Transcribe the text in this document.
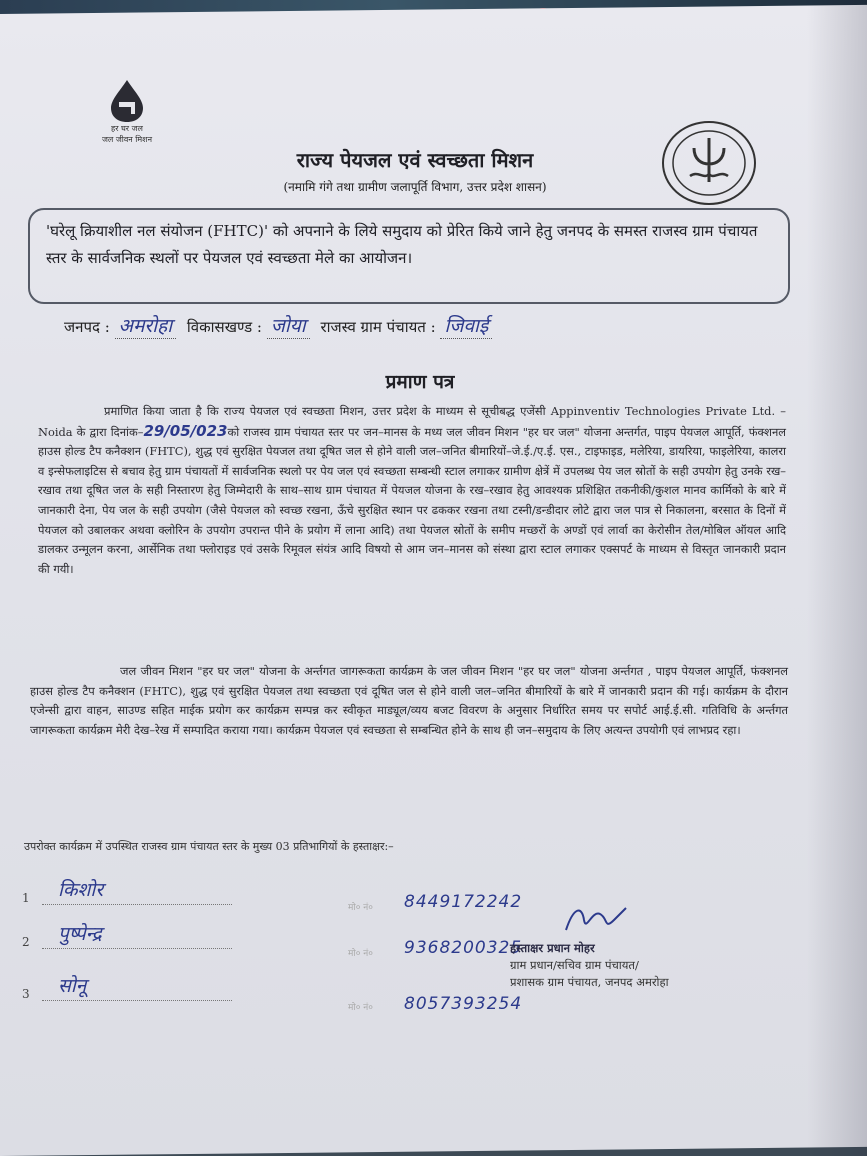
हर घर जल
जल जीवन मिशन
राज्य पेयजल एवं स्वच्छता मिशन
(नमामि गंगे तथा ग्रामीण जलापूर्ति विभाग, उत्तर प्रदेश शासन)
'घरेलू क्रियाशील नल संयोजन (FHTC)' को अपनाने के लिये समुदाय को प्रेरित किये जाने हेतु जनपद के समस्त राजस्व ग्राम पंचायत स्तर के सार्वजनिक स्थलों पर पेयजल एवं स्वच्छता मेले का आयोजन।
जनपद : अमरोहा विकासखण्ड : जोया राजस्व ग्राम पंचायत : जिवाई
प्रमाण पत्र
प्रमाणित किया जाता है कि राज्य पेयजल एवं स्वच्छता मिशन, उत्तर प्रदेश के माध्यम से सूचीबद्ध एजेंसी Appinventiv Technologies Private Ltd. – Noida के द्वारा दिनांक–29/05/023को राजस्व ग्राम पंचायत स्तर पर जन–मानस के मध्य जल जीवन मिशन "हर घर जल" योजना अन्तर्गत, पाइप पेयजल आपूर्ति, फंक्शनल हाउस होल्ड टैप कनैक्शन (FHTC), शुद्ध एवं सुरक्षित पेयजल तथा दूषित जल से होने वाली जल–जनित बीमारियों–जे.ई./ए.ई. एस., टाइफाइड, मलेरिया, डायरिया, फाइलेरिया, कालरा व इन्सेफलाइटिस से बचाव हेतु ग्राम पंचायतों में सार्वजनिक स्थलो पर पेय जल एवं स्वच्छता सम्बन्धी स्टाल लगाकर ग्रामीण क्षेत्रें में उपलब्ध पेय जल स्रोतों के सही उपयोग हेतु उनके रख–रखाव तथा दूषित जल के सही निस्तारण हेतु जिम्मेदारी के साथ–साथ ग्राम पंचायत में पेयजल योजना के रख–रखाव हेतु आवश्यक प्रशिक्षित तकनीकी/कुशल मानव कार्मिको के बारे में जानकारी देना, पेय जल के सही उपयोग (जैसे पेयजल को स्वच्छ रखना, ऊँचे सुरक्षित स्थान पर ढककर रखना तथा टस्नी/डन्डीदार लोटे द्वारा जल पात्र से निकालना, बरसात के दिनों में पेयजल को उबालकर अथवा क्लोरिन के उपयोग उपरान्त पीने के प्रयोग में लाना आदि) तथा पेयजल स्रोतों के समीप मच्छरों के अण्डों एवं लार्वा का केरोसीन तेल/मोबिल ऑयल आदि डालकर उन्मूलन करना, आर्सेनिक तथा फ्लोराइड एवं उसके रिमूवल संयंत्र आदि विषयो से आम जन–मानस को संस्था द्वारा स्टाल लगाकर एक्सपर्ट के माध्यम से विस्तृत जानकारी प्रदान की गयी।
जल जीवन मिशन "हर घर जल" योजना के अर्न्तगत जागरूकता कार्यक्रम के जल जीवन मिशन "हर घर जल" योजना अर्न्तगत , पाइप पेयजल आपूर्ति, फंक्शनल हाउस होल्ड टैप कनैक्शन (FHTC), शुद्ध एवं सुरक्षित पेयजल तथा स्वच्छता एवं दूषित जल से होने वाली जल–जनित बीमारियों के बारे में जानकारी प्रदान की गई। कार्यक्रम के दौरान एजेन्सी द्वारा वाहन, साउण्ड सहित माईक प्रयोग कर कार्यक्रम सम्पन्न कर स्वीकृत माड्यूल/व्यय बजट विवरण के अनुसार निर्धारित समय पर सपोर्ट आई.ई.सी. गतिविधि के अर्न्तगत जागरूकता कार्यक्रम मेरी देख–रेख में सम्पादित कराया गया। कार्यक्रम पेयजल एवं स्वच्छता से सम्बन्धित होने के साथ ही जन–समुदाय के लिए अत्यन्त उपयोगी एवं लाभप्रद रहा।
उपरोक्त कार्यक्रम में उपस्थित राजस्व ग्राम पंचायत स्तर के मुख्य 03 प्रतिभागियों के हस्ताक्षर:–
1 किशोर
मो० नं०	8449172242
2 पुष्पेन्द्र
मो० नं०	9368200325
3 सोनू
मो० नं०	8057393254
हस्ताक्षर प्रधान मोहर
ग्राम प्रधान/सचिव ग्राम पंचायत/
प्रशासक ग्राम पंचायत, जनपद अमरोहा
